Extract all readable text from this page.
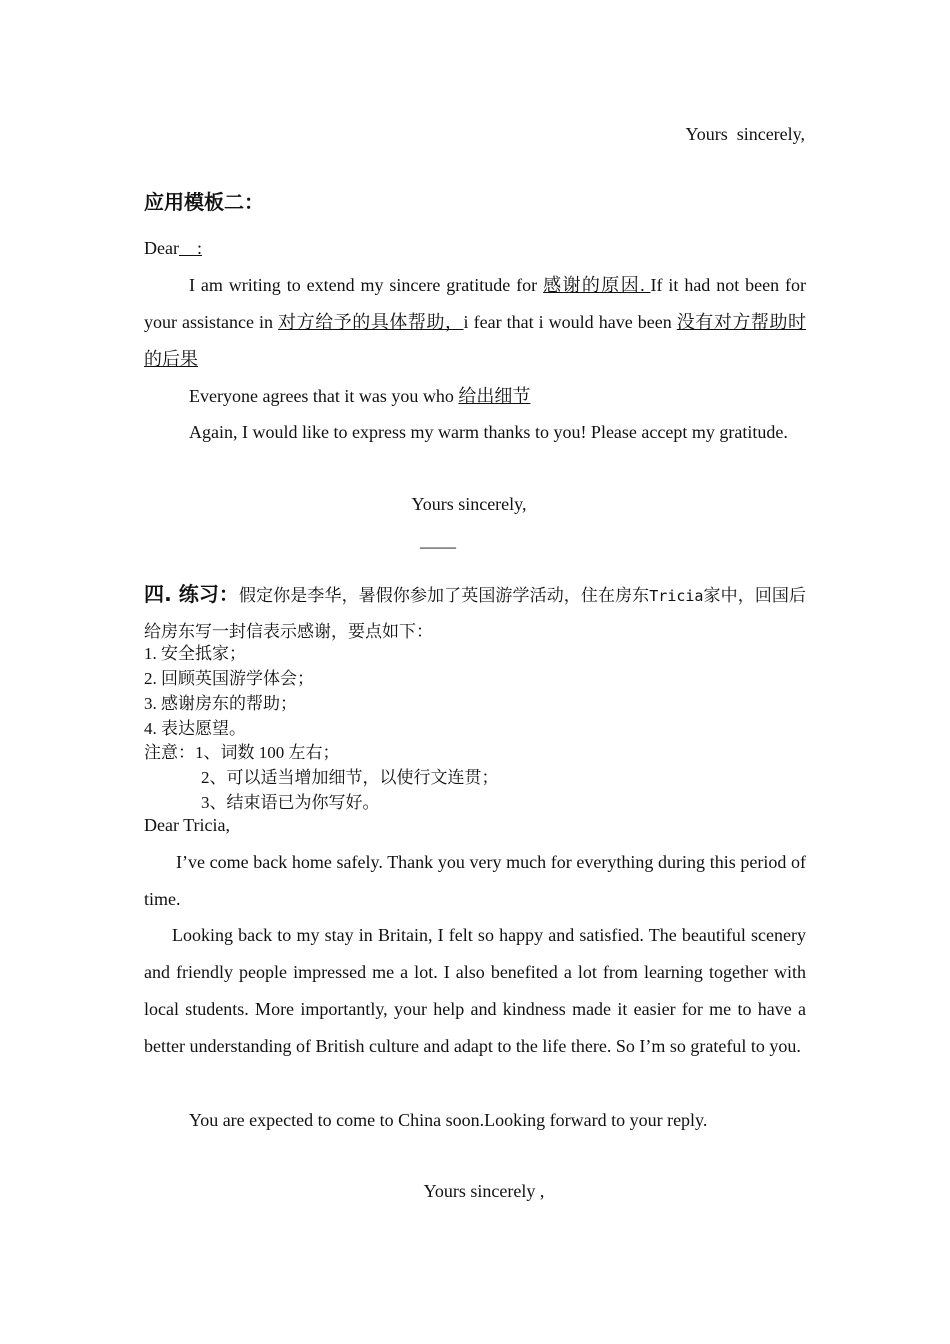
Yours  sincerely,
应用模板二：
Dear    :
I am writing to extend my sincere gratitude for 感谢的原因. If it had not been for your assistance in 对方给予的具体帮助，i fear that i would have been 没有对方帮助时的后果
Everyone agrees that it was you who 给出细节
Again, I would like to express my warm thanks to you! Please accept my gratitude.
Yours sincerely,
____
四. 练习：假定你是李华，暑假你参加了英国游学活动，住在房东Tricia家中，回国后给房东写一封信表示感谢，要点如下：
1. 安全抵家；
2. 回顾英国游学体会；
3. 感谢房东的帮助；
4. 表达愿望。
注意：1、词数 100 左右；
2、可以适当增加细节，以使行文连贯；
3、结束语已为你写好。
Dear Tricia,
I’ve come back home safely. Thank you very much for everything during this period of time.
Looking back to my stay in Britain, I felt so happy and satisfied. The beautiful scenery and friendly people impressed me a lot. I also benefited a lot from learning together with local students. More importantly, your help and kindness made it easier for me to have a better understanding of British culture and adapt to the life there. So I’m so grateful to you.
You are expected to come to China soon.Looking forward to your reply.
Yours sincerely ,
